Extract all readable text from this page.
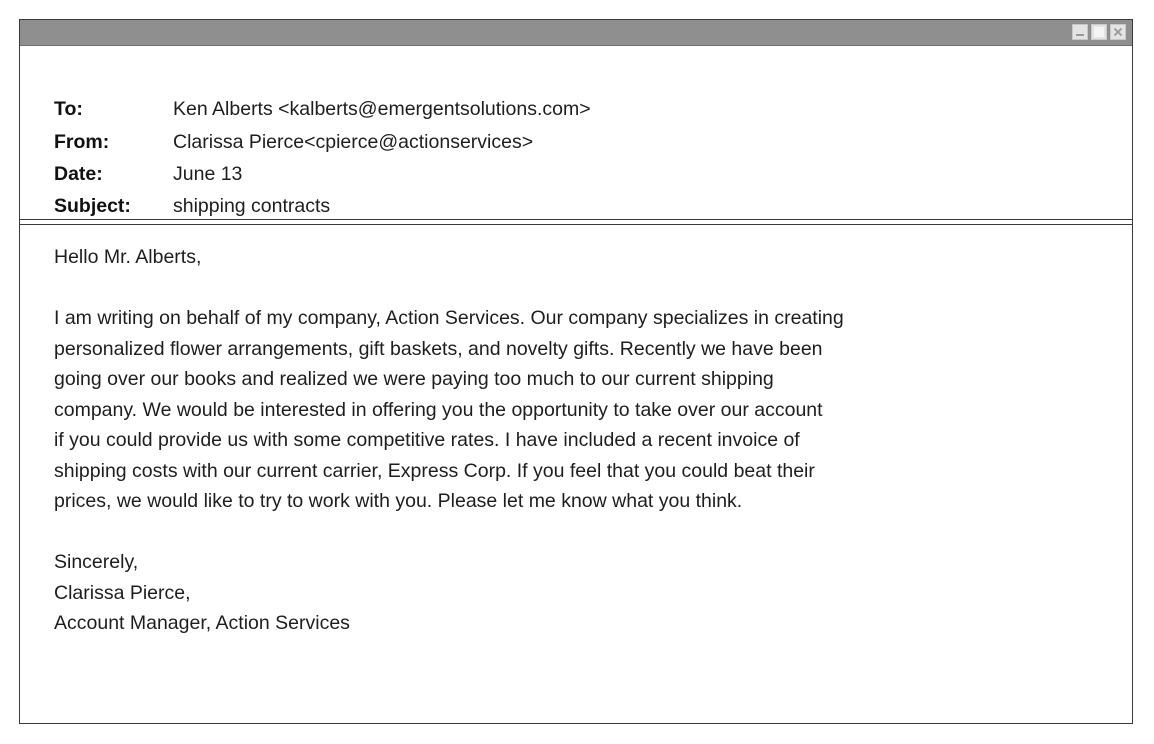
To:	Ken Alberts <kalberts@emergentsolutions.com>
From:	Clarissa Pierce<cpierce@actionservices>
Date:	June 13
Subject: shipping contracts
Hello Mr. Alberts,
I am writing on behalf of my company, Action Services. Our company specializes in creating
personalized flower arrangements, gift baskets, and novelty gifts. Recently we have been
going over our books and realized we were paying too much to our current shipping
company. We would be interested in offering you the opportunity to take over our account
if you could provide us with some competitive rates. I have included a recent invoice of
shipping costs with our current carrier, Express Corp. If you feel that you could beat their
prices, we would like to try to work with you. Please let me know what you think.
Sincerely,
Clarissa Pierce,
Account Manager, Action Services
